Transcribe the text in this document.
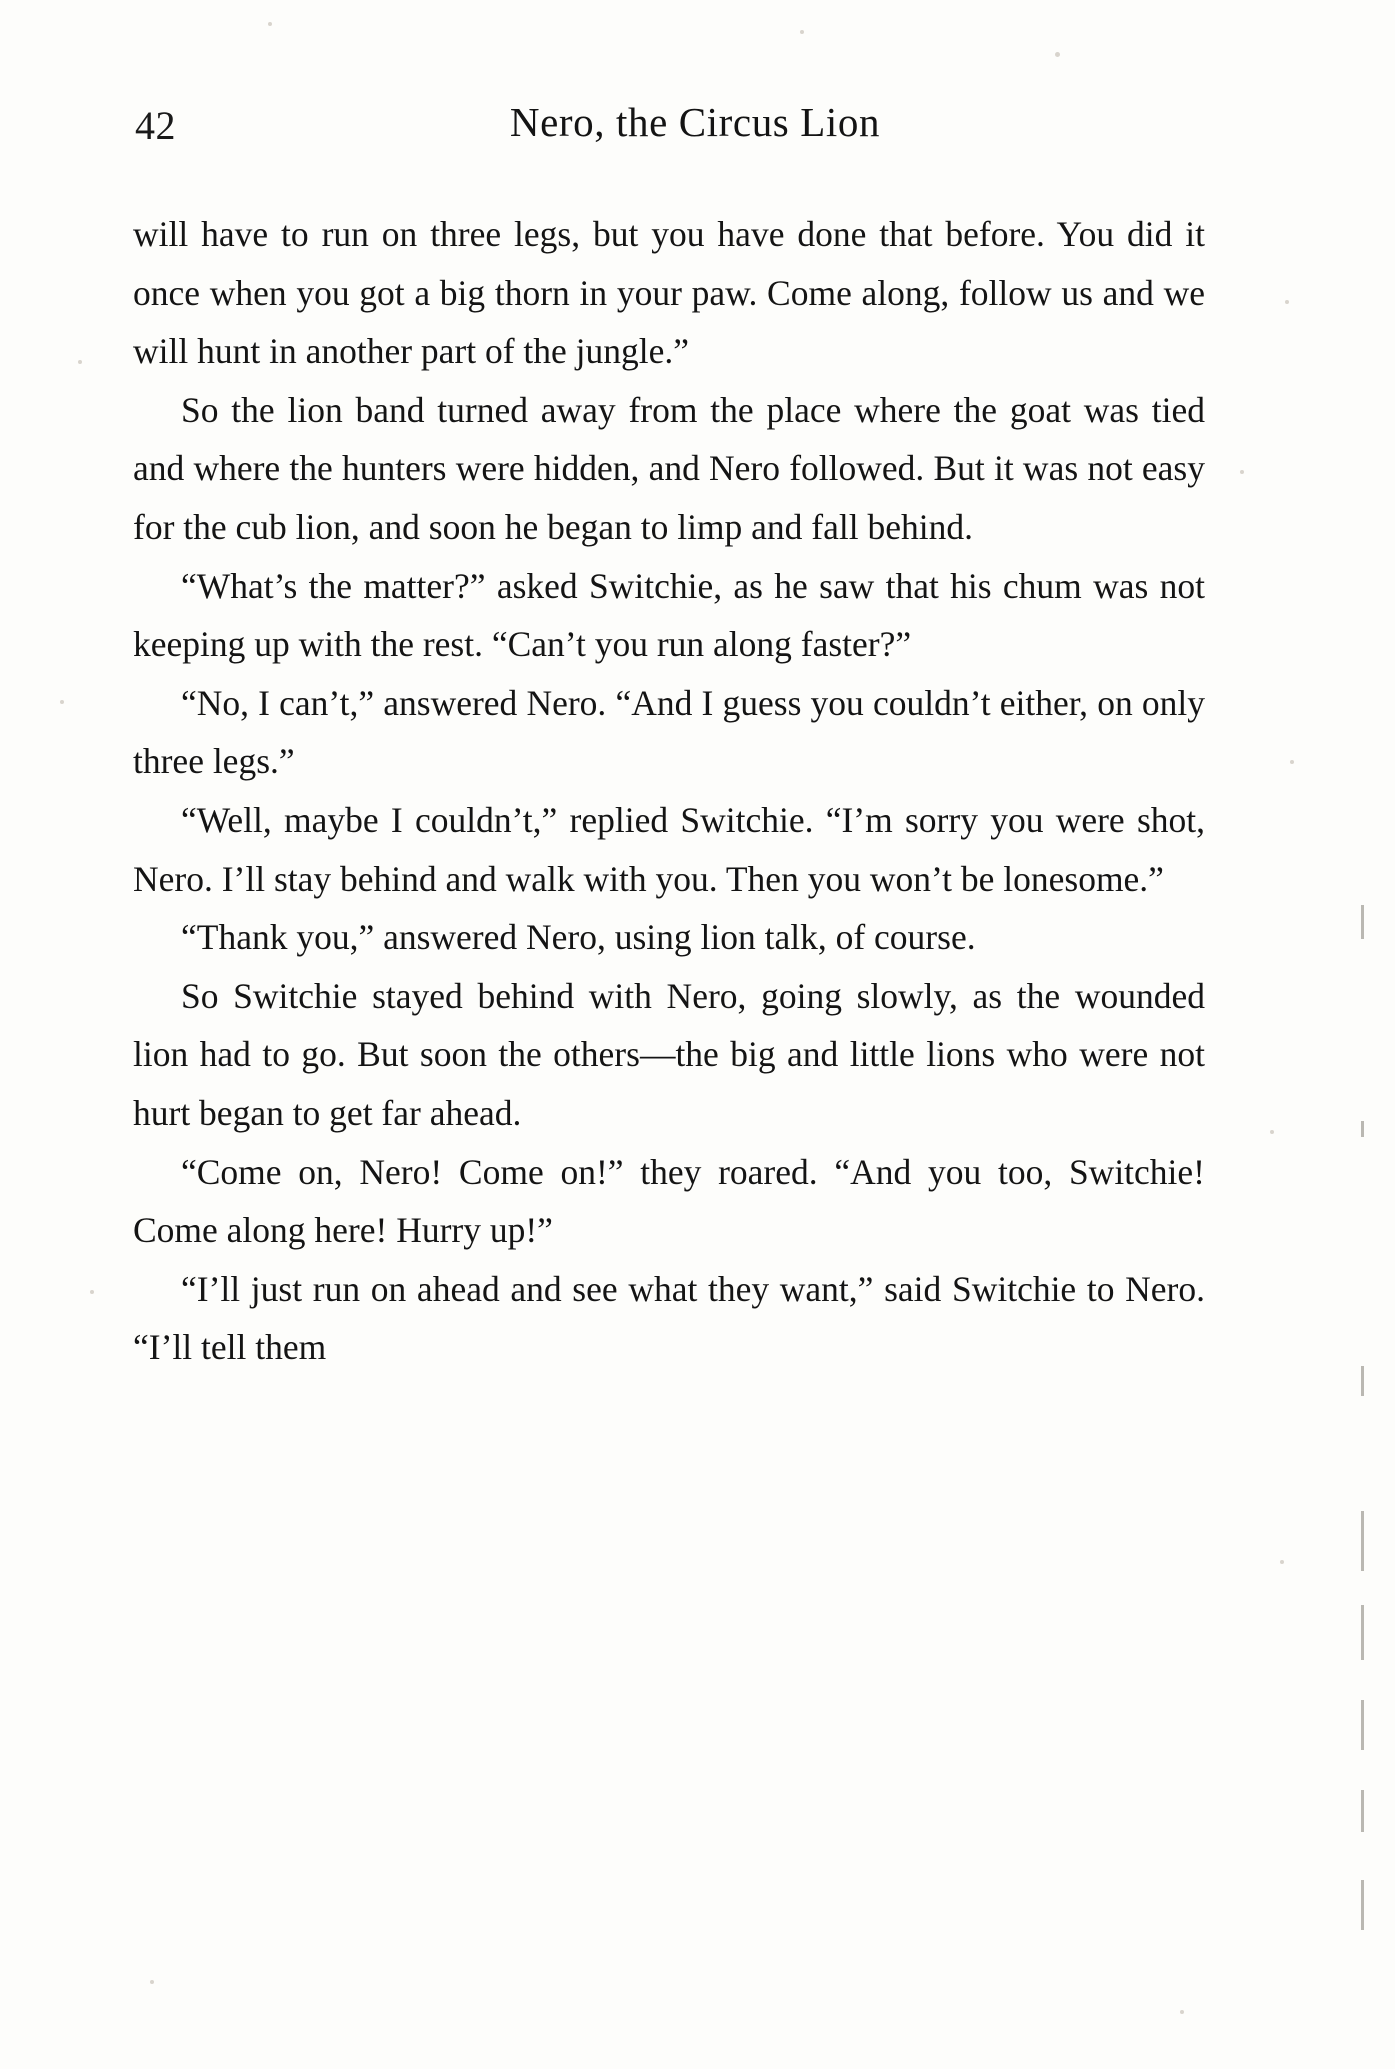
42	Nero, the Circus Lion

will have to run on three legs, but you have done that before. You did it once when you got a big thorn in your paw. Come along, follow us and we will hunt in another part of the jungle.”

So the lion band turned away from the place where the goat was tied and where the hunters were hidden, and Nero followed. But it was not easy for the cub lion, and soon he began to limp and fall behind.

“What’s the matter?” asked Switchie, as he saw that his chum was not keeping up with the rest. “Can’t you run along faster?”

“No, I can’t,” answered Nero. “And I guess you couldn’t either, on only three legs.”

“Well, maybe I couldn’t,” replied Switchie. “I’m sorry you were shot, Nero. I’ll stay behind and walk with you. Then you won’t be lonesome.”

“Thank you,” answered Nero, using lion talk, of course.

So Switchie stayed behind with Nero, going slowly, as the wounded lion had to go. But soon the others—the big and little lions who were not hurt began to get far ahead.

“Come on, Nero! Come on!” they roared. “And you too, Switchie! Come along here! Hurry up!”

“I’ll just run on ahead and see what they want,” said Switchie to Nero. “I’ll tell them
